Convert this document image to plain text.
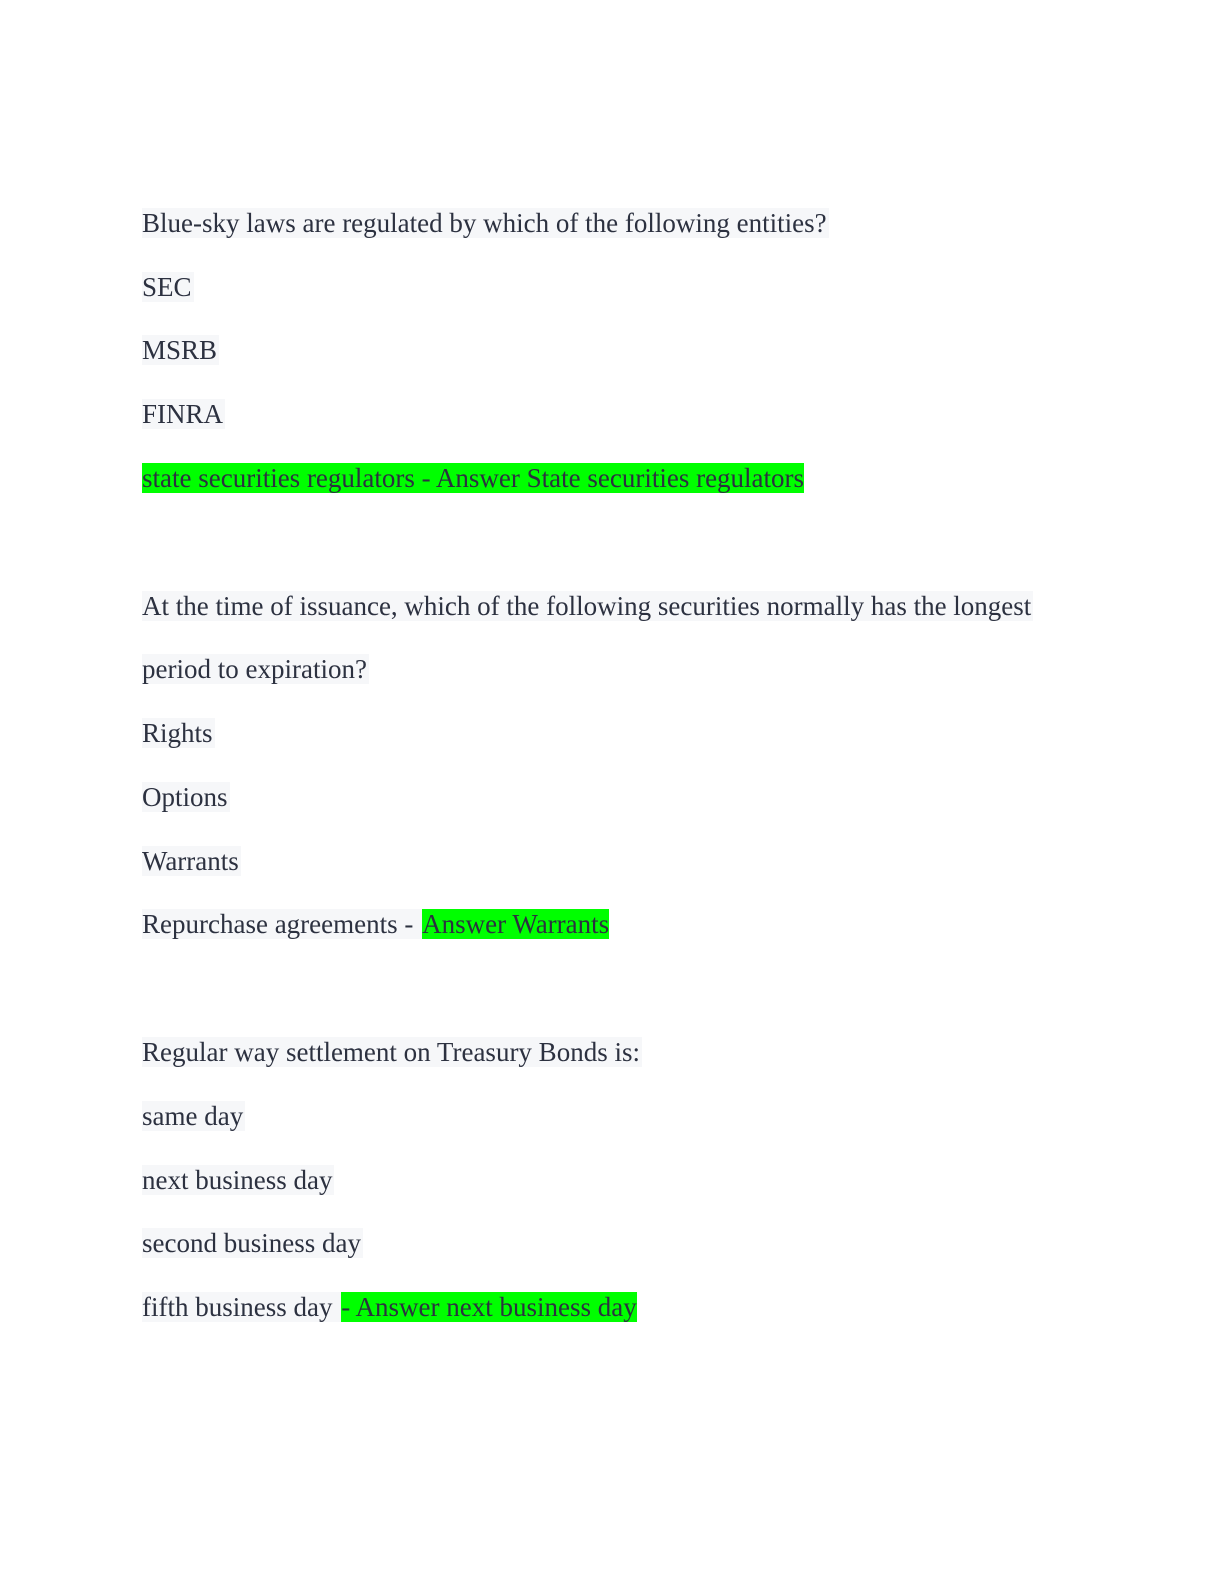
Blue-sky laws are regulated by which of the following entities?
SEC
MSRB
FINRA
state securities regulators - Answer State securities regulators
At the time of issuance, which of the following securities normally has the longest
period to expiration?
Rights
Options
Warrants
Repurchase agreements - Answer Warrants
Regular way settlement on Treasury Bonds is:
same day
next business day
second business day
fifth business day - Answer next business day
